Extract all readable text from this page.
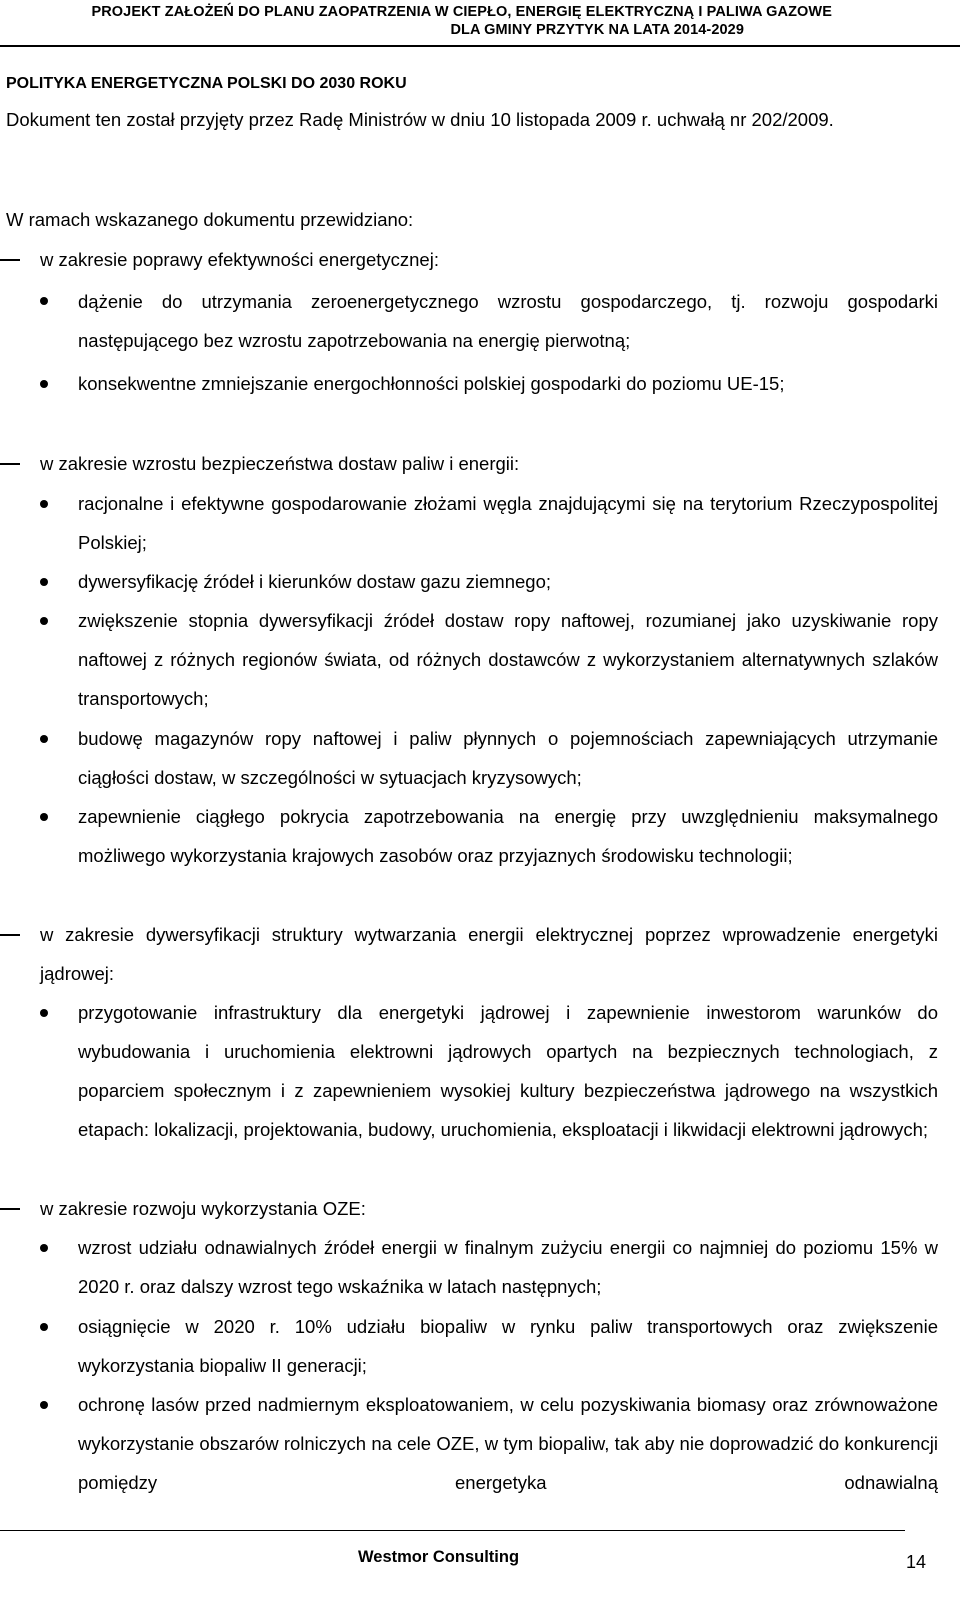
PROJEKT ZAŁOŻEŃ DO PLANU ZAOPATRZENIA W CIEPŁO, ENERGIĘ ELEKTRYCZNĄ I PALIWA GAZOWE
DLA GMINY PRZYTYK NA LATA 2014-2029
POLITYKA ENERGETYCZNA POLSKI DO 2030 ROKU
Dokument ten został przyjęty przez Radę Ministrów w dniu 10 listopada 2009 r. uchwałą nr 202/2009.
W ramach wskazanego dokumentu przewidziano:
w zakresie poprawy efektywności energetycznej:
dążenie do utrzymania zeroenergetycznego wzrostu gospodarczego, tj. rozwoju gospodarki następującego bez wzrostu zapotrzebowania na energię pierwotną;
konsekwentne zmniejszanie energochłonności polskiej gospodarki do poziomu UE-15;
w zakresie wzrostu bezpieczeństwa dostaw paliw i energii:
racjonalne i efektywne gospodarowanie złożami węgla znajdującymi się na terytorium Rzeczypospolitej Polskiej;
dywersyfikację źródeł i kierunków dostaw gazu ziemnego;
zwiększenie stopnia dywersyfikacji źródeł dostaw ropy naftowej, rozumianej jako uzyskiwanie ropy naftowej z różnych regionów świata, od różnych dostawców z wykorzystaniem alternatywnych szlaków transportowych;
budowę magazynów ropy naftowej i paliw płynnych o pojemnościach zapewniających utrzymanie ciągłości dostaw, w szczególności w sytuacjach kryzysowych;
zapewnienie ciągłego pokrycia zapotrzebowania na energię przy uwzględnieniu maksymalnego możliwego wykorzystania krajowych zasobów oraz przyjaznych środowisku technologii;
w zakresie dywersyfikacji struktury wytwarzania energii elektrycznej poprzez wprowadzenie energetyki jądrowej:
przygotowanie infrastruktury dla energetyki jądrowej i zapewnienie inwestorom warunków do wybudowania i uruchomienia elektrowni jądrowych opartych na bezpiecznych technologiach, z poparciem społecznym i z zapewnieniem wysokiej kultury bezpieczeństwa jądrowego na wszystkich etapach: lokalizacji, projektowania, budowy, uruchomienia, eksploatacji i likwidacji elektrowni jądrowych;
w zakresie rozwoju wykorzystania OZE:
wzrost udziału odnawialnych źródeł energii w finalnym zużyciu energii co najmniej do poziomu 15% w 2020 r. oraz dalszy wzrost tego wskaźnika w latach następnych;
osiągnięcie w 2020 r. 10% udziału biopaliw w rynku paliw transportowych oraz zwiększenie wykorzystania biopaliw II generacji;
ochronę lasów przed nadmiernym eksploatowaniem, w celu pozyskiwania biomasy oraz zrównoważone wykorzystanie obszarów rolniczych na cele OZE, w tym biopaliw, tak aby nie doprowadzić do konkurencji pomiędzy energetyka odnawialną
Westmor Consulting	14
